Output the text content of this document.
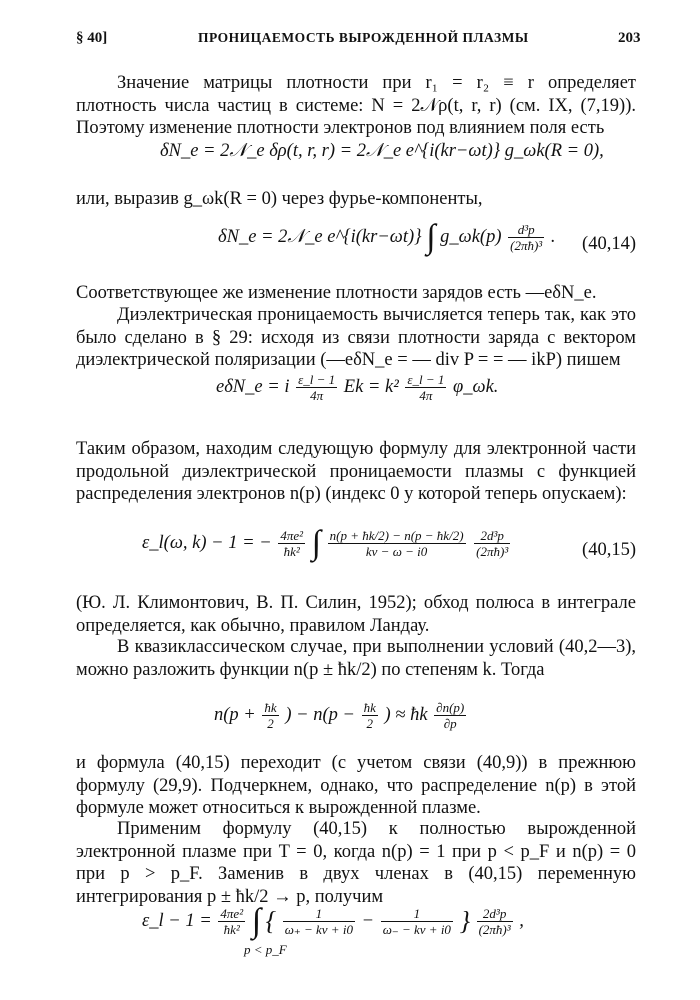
§ 40]	ПРОНИЦАЕМОСТЬ ВЫРОЖДЕННОЙ ПЛАЗМЫ	203

Значение матрицы плотности при r₁ = r₂ ≡ r определяет плотность числа частиц в системе: N = 2𝒩ρ(t, r, r) (см. IX, (7,19)). Поэтому изменение плотности электронов под влиянием поля есть

δN_e = 2𝒩_e δρ(t, r, r) = 2𝒩_e e^{i(kr−ωt)} g_ωk(R = 0),

или, выразив g_ωk(R = 0) через фурье-компоненты,

δN_e = 2𝒩_e e^{i(kr−ωt)} ∫ g_ωk(p) $\frac{\text{d³p}}{\text{(2πħ)³}}$ . (40,14)

Соответствующее же изменение плотности зарядов есть —eδN_e.

Диэлектрическая проницаемость вычисляется теперь так, как это было сделано в § 29: исходя из связи плотности заряда с вектором диэлектрической поляризации (—eδN_e = — div P = = — ikP) пишем

eδN_e = i $\frac{\varepsilon\_l - 1}{4\pi}$ $Ek = k^2 \frac{\varepsilon\_l - 1}{4\pi}$ φ_ωk.

Таким образом, находим следующую формулу для электронной части продольной диэлектрической проницаемости плазмы с функцией распределения электронов n(p) (индекс 0 у которой теперь опускаем):

ε_l(ω, k) − 1 = − $\frac{\text{4πe²}}{\text{ħk²}}$ ∫ $\frac{n(p + ħk/2) - n(p - ħk/2)}{kv - \omega - i0}$
$\frac{\text{2d³p}}{\text{(2πħ)³}}$	(40,15)

(Ю. Л. Климонтович, В. П. Силин, 1952); обход полюса в интеграле определяется, как обычно, правилом Ландау.

В квазиклассическом случае, при выполнении условий (40,2—3), можно разложить функции n(p ± ħk/2) по степеням k. Тогда

$n(p + \frac{ħk}{2}$ ) − $n(p - \frac{ħk}{2}$ ) ≈ ħk $\frac{\partial n(p)}{\partial p}$

и формула (40,15) переходит (с учетом связи (40,9)) в прежнюю формулу (29,9). Подчеркнем, однако, что распределение n(p) в этой формуле может относиться к вырожденной плазме.

Применим формулу (40,15) к полностью вырожденной электронной плазме при T = 0, когда n(p) = 1 при p < p_F и n(p) = 0 при p > p_F. Заменив в двух членах в (40,15) переменную интегрирования p ± ħk/2 → p, получим

ε_l − $1 = \frac{\text{4πe²}}{\text{ħk²}}$ ∫ { $\frac{1}{\omega_+ - kv + i0} - \frac{1}{\omega_- - kv + i0}$ } $\frac{\text{2d³p}}{\text{(2πħ)³}}$ ,
p < p_F
